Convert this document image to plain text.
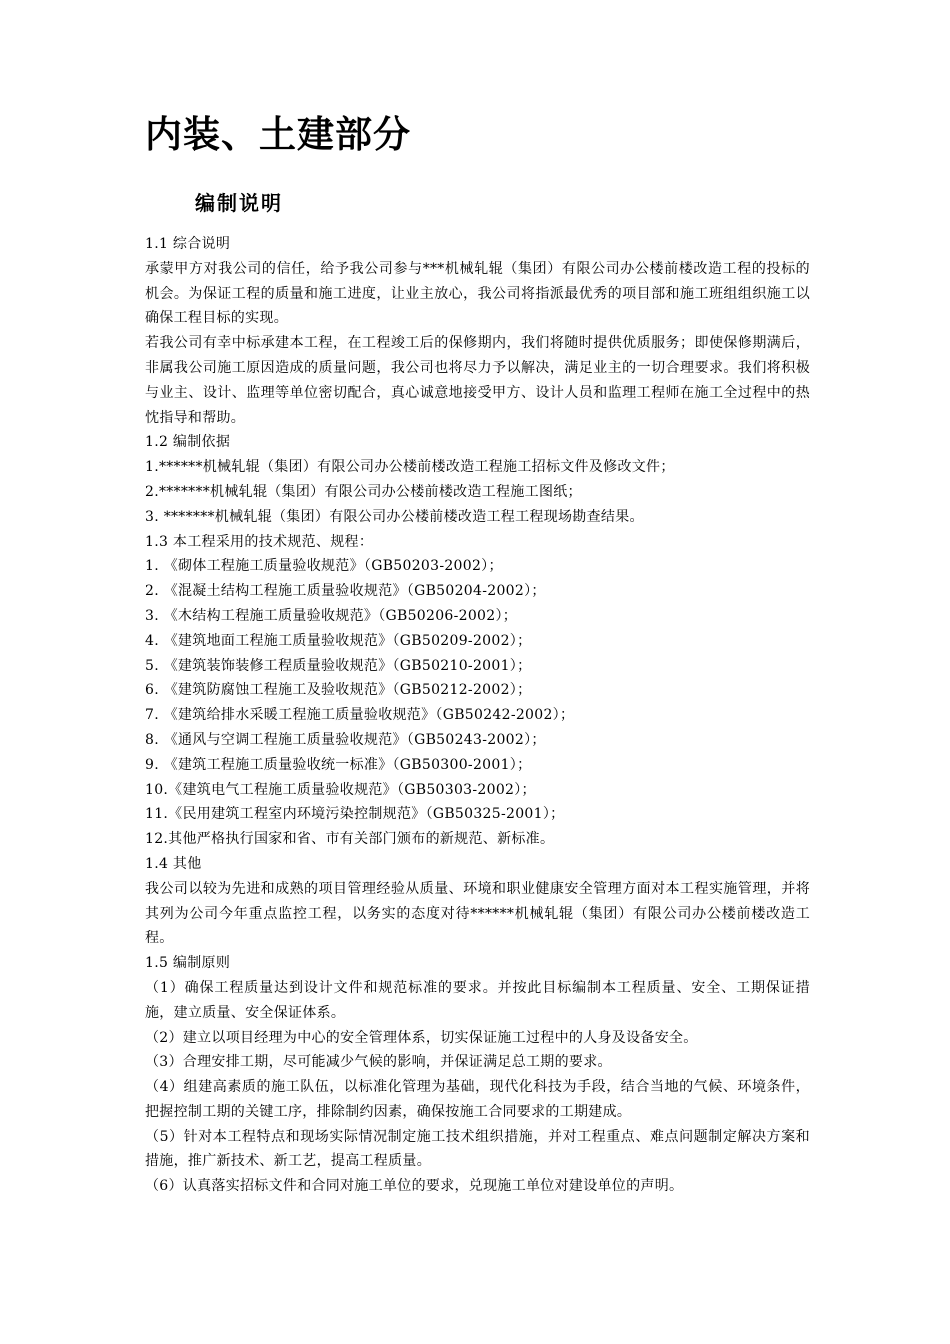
内装、土建部分
编制说明

1.1 综合说明

承蒙甲方对我公司的信任，给予我公司参与***机械轧辊（集团）有限公司办公楼前楼改造工程的投标的机会。为保证工程的质量和施工进度，让业主放心，我公司将指派最优秀的项目部和施工班组组织施工以确保工程目标的实现。

若我公司有幸中标承建本工程，在工程竣工后的保修期内，我们将随时提供优质服务；即使保修期满后，非属我公司施工原因造成的质量问题，我公司也将尽力予以解决，满足业主的一切合理要求。我们将积极与业主、设计、监理等单位密切配合，真心诚意地接受甲方、设计人员和监理工程师在施工全过程中的热忱指导和帮助。

1.2 编制依据

1.******机械轧辊（集团）有限公司办公楼前楼改造工程施工招标文件及修改文件；

2.*******机械轧辊（集团）有限公司办公楼前楼改造工程施工图纸；

3. *******机械轧辊（集团）有限公司办公楼前楼改造工程工程现场勘查结果。

1.3 本工程采用的技术规范、规程：

1. 《砌体工程施工质量验收规范》（GB50203-2002）；

2. 《混凝土结构工程施工质量验收规范》（GB50204-2002）；

3. 《木结构工程施工质量验收规范》（GB50206-2002）；

4. 《建筑地面工程施工质量验收规范》（GB50209-2002）；

5. 《建筑装饰装修工程质量验收规范》（GB50210-2001）；

6. 《建筑防腐蚀工程施工及验收规范》（GB50212-2002）；

7. 《建筑给排水采暖工程施工质量验收规范》（GB50242-2002）；

8. 《通风与空调工程施工质量验收规范》（GB50243-2002）；

9. 《建筑工程施工质量验收统一标准》（GB50300-2001）；

10.《建筑电气工程施工质量验收规范》（GB50303-2002）；

11.《民用建筑工程室内环境污染控制规范》（GB50325-2001）；

12.其他严格执行国家和省、市有关部门颁布的新规范、新标准。

1.4 其他

我公司以较为先进和成熟的项目管理经验从质量、环境和职业健康安全管理方面对本工程实施管理，并将其列为公司今年重点监控工程，以务实的态度对待******机械轧辊（集团）有限公司办公楼前楼改造工程。

1.5 编制原则

（1）确保工程质量达到设计文件和规范标准的要求。并按此目标编制本工程质量、安全、工期保证措施，建立质量、安全保证体系。

（2）建立以项目经理为中心的安全管理体系，切实保证施工过程中的人身及设备安全。

（3）合理安排工期，尽可能减少气候的影响，并保证满足总工期的要求。

（4）组建高素质的施工队伍，以标准化管理为基础，现代化科技为手段，结合当地的气候、环境条件，把握控制工期的关键工序，排除制约因素，确保按施工合同要求的工期建成。

（5）针对本工程特点和现场实际情况制定施工技术组织措施，并对工程重点、难点问题制定解决方案和措施，推广新技术、新工艺，提高工程质量。

（6）认真落实招标文件和合同对施工单位的要求，兑现施工单位对建设单位的声明。
